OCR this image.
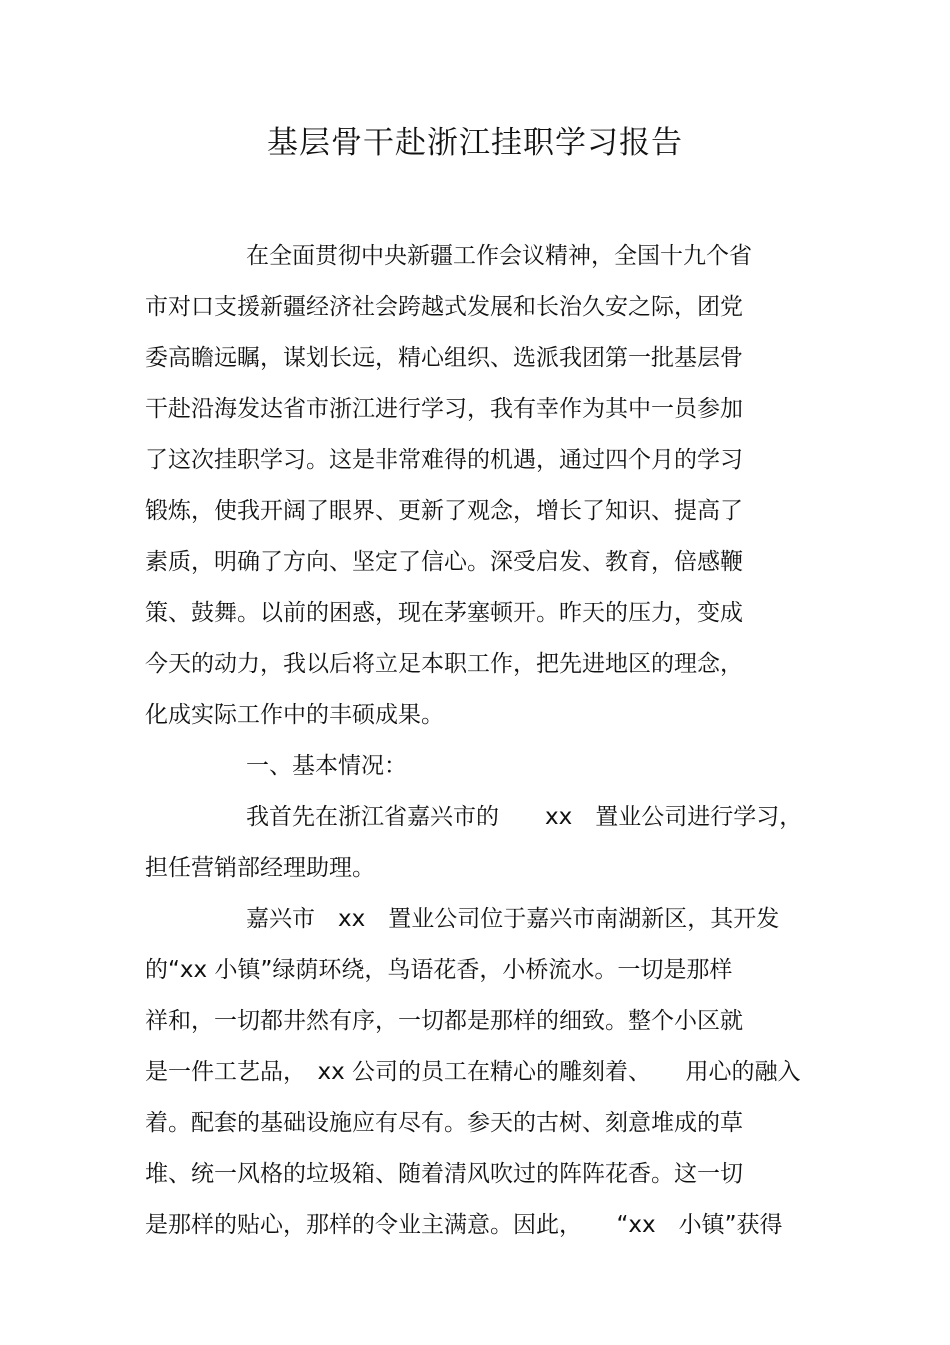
基层骨干赴浙江挂职学习报告
在全面贯彻中央新疆工作会议精神，全国十九个省
市对口支援新疆经济社会跨越式发展和长治久安之际，团党
委高瞻远瞩，谋划长远，精心组织、选派我团第一批基层骨
干赴沿海发达省市浙江进行学习，我有幸作为其中一员参加
了这次挂职学习。这是非常难得的机遇，通过四个月的学习
锻炼，使我开阔了眼界、更新了观念，增长了知识、提高了
素质，明确了方向、坚定了信心。深受启发、教育，倍感鞭
策、鼓舞。以前的困惑，现在茅塞顿开。昨天的压力，变成
今天的动力，我以后将立足本职工作，把先进地区的理念，
化成实际工作中的丰硕成果。
一、基本情况：
我首先在浙江省嘉兴市的　　xx　置业公司进行学习，
担任营销部经理助理。
嘉兴市　xx　置业公司位于嘉兴市南湖新区，其开发
的“xx 小镇”绿荫环绕，鸟语花香，小桥流水。一切是那样
祥和，一切都井然有序，一切都是那样的细致。整个小区就
是一件工艺品，　xx 公司的员工在精心的雕刻着、　　用心的融入
着。配套的基础设施应有尽有。参天的古树、刻意堆成的草
堆、统一风格的垃圾箱、随着清风吹过的阵阵花香。这一切
是那样的贴心，那样的令业主满意。因此，　　“xx　小镇”获得
